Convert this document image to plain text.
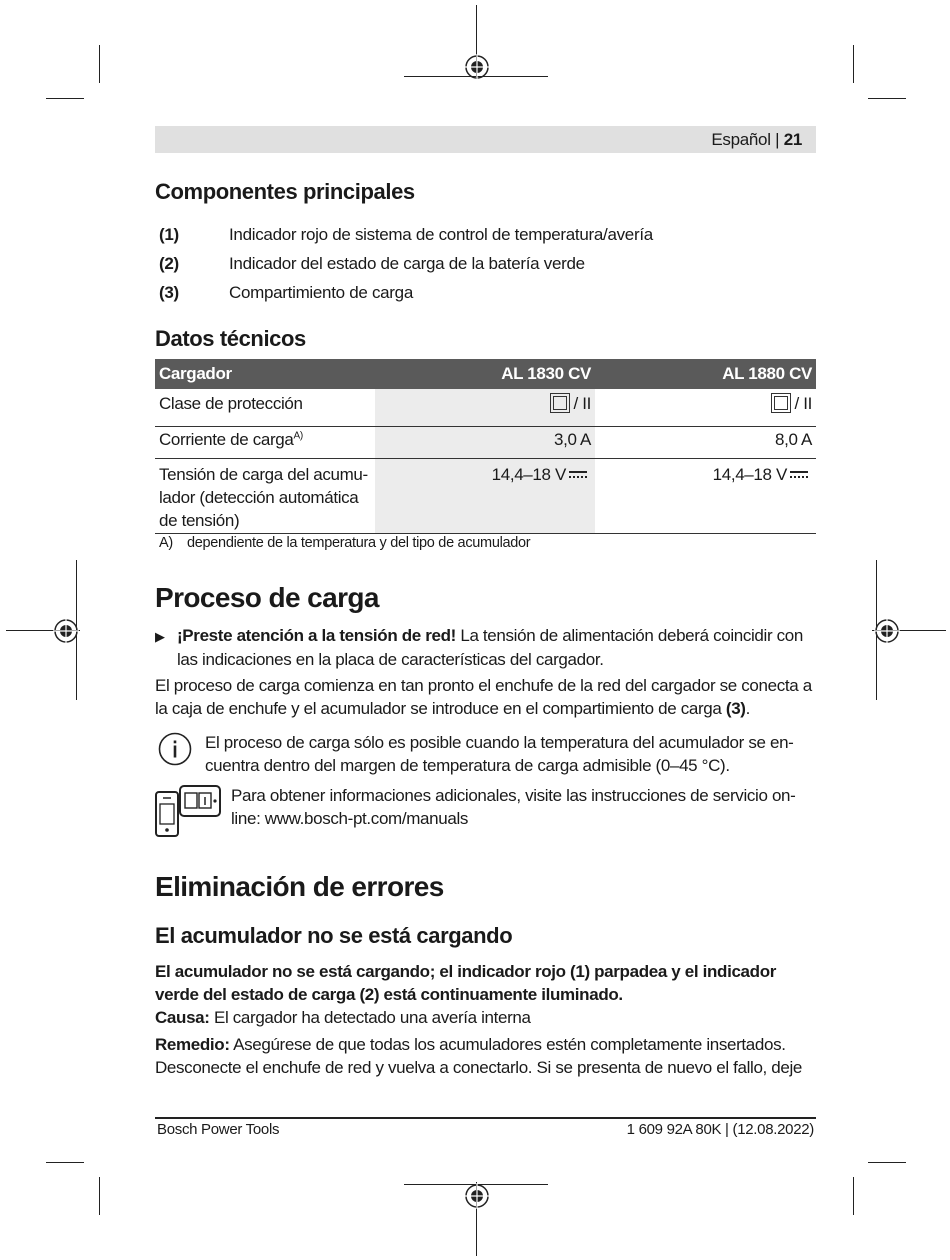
Español | 21
Componentes principales
(1)	Indicador rojo de sistema de control de temperatura/avería
(2)	Indicador del estado de carga de la batería verde
(3)	Compartimiento de carga
Datos técnicos
Cargador	AL 1830 CV	AL 1880 CV
Clase de protección	/ II	/ II
Corriente de carga$^{A)}$	3,0 A	8,0 A

Tensión de carga del acumu-
lador (detección automática
de tensión)	14,4–18 V	14,4–18 V
A) dependiente de la temperatura y del tipo de acumulador
Proceso de carga
▶ ¡Preste atención a la tensión de red! La tensión de alimentación deberá coincidir con
las indicaciones en la placa de características del cargador.
El proceso de carga comienza en tan pronto el enchufe de la red del cargador se conecta a
la caja de enchufe y el acumulador se introduce en el compartimiento de carga (3).
El proceso de carga sólo es posible cuando la temperatura del acumulador se en-
cuentra dentro del margen de temperatura de carga admisible (0–45 °C).
Para obtener informaciones adicionales, visite las instrucciones de servicio on-
line: www.bosch-pt.com/manuals
Eliminación de errores
El acumulador no se está cargando
El acumulador no se está cargando; el indicador rojo (1) parpadea y el indicador
verde del estado de carga (2) está continuamente iluminado.
Causa: El cargador ha detectado una avería interna
Remedio: Asegúrese de que todas los acumuladores estén completamente insertados.
Desconecte el enchufe de red y vuelva a conectarlo. Si se presenta de nuevo el fallo, deje
Bosch Power Tools	1 609 92A 80K | (12.08.2022)
